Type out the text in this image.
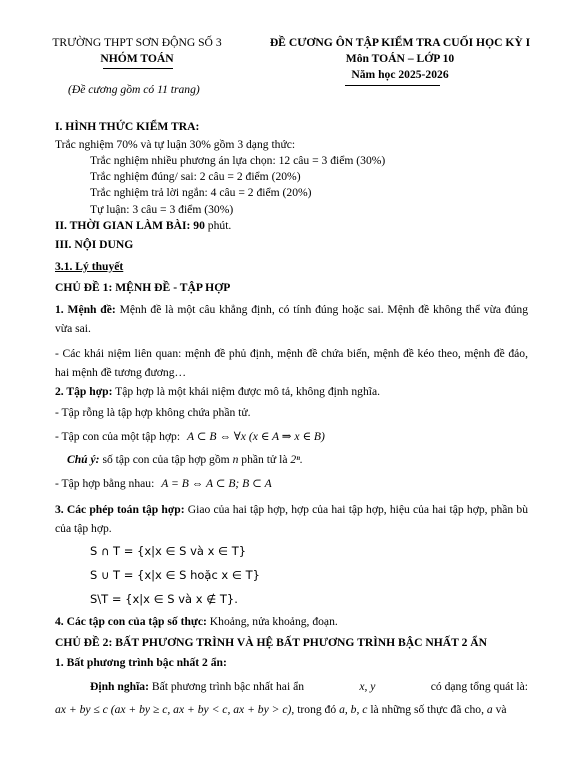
TRƯỜNG THPT SƠN ĐỘNG SỐ 3
NHÓM TOÁN
(Đề cương gồm có 11 trang)
ĐỀ CƯƠNG ÔN TẬP KIỂM TRA CUỐI HỌC KỲ I
Môn TOÁN – LỚP 10
Năm học 2025-2026
I. HÌNH THỨC KIỂM TRA:
Trắc nghiệm 70% và tự luận 30% gồm 3 dạng thức:
Trắc nghiệm nhiều phương án lựa chọn: 12 câu = 3 điểm (30%)
Trắc nghiệm đúng/ sai: 2 câu = 2 điểm (20%)
Trắc nghiệm trả lời ngắn: 4 câu = 2 điểm (20%)
Tự luận: 3 câu = 3 điểm (30%)
II. THỜI GIAN LÀM BÀI: 90 phút.
III. NỘI DUNG
3.1. Lý thuyết
CHỦ ĐỀ 1: MỆNH ĐỀ - TẬP HỢP
1. Mệnh đề: Mệnh đề là một câu khẳng định, có tính đúng hoặc sai. Mệnh đề không thể vừa đúng vừa sai.
- Các khái niệm liên quan: mệnh đề phủ định, mệnh đề chứa biến, mệnh đề kéo theo, mệnh đề đảo, hai mệnh đề tương đương…
2. Tập hợp: Tập hợp là một khái niệm được mô tả, không định nghĩa.
- Tập rỗng là tập hợp không chứa phần tử.
- Tập con của một tập hợp: A ⊂ B ⇔ ∀x (x ∈ A ⇒ x ∈ B)
Chú ý: số tập con của tập hợp gồm n phần tử là 2ⁿ.
- Tập hợp bằng nhau: A = B ⇔ A ⊂ B; B ⊂ A
3. Các phép toán tập hợp: Giao của hai tập hợp, hợp của hai tập hợp, hiệu của hai tập hợp, phần bù của tập hợp.
S ∩ T = {x|x ∈ S và x ∈ T}
S ∪ T = {x|x ∈ S hoặc x ∈ T}
S\T = {x|x ∈ S và x ∉ T}.
4. Các tập con của tập số thực: Khoảng, nửa khoảng, đoạn.
CHỦ ĐỀ 2: BẤT PHƯƠNG TRÌNH VÀ HỆ BẤT PHƯƠNG TRÌNH BẬC NHẤT 2 ẨN
1. Bất phương trình bậc nhất 2 ẩn:
Định nghĩa: Bất phương trình bậc nhất hai ẩn	x, y	có dạng tổng quát là:
ax + by ≤ c (ax + by ≥ c, ax + by < c, ax + by > c), trong đó a, b, c là những số thực đã cho, a và
